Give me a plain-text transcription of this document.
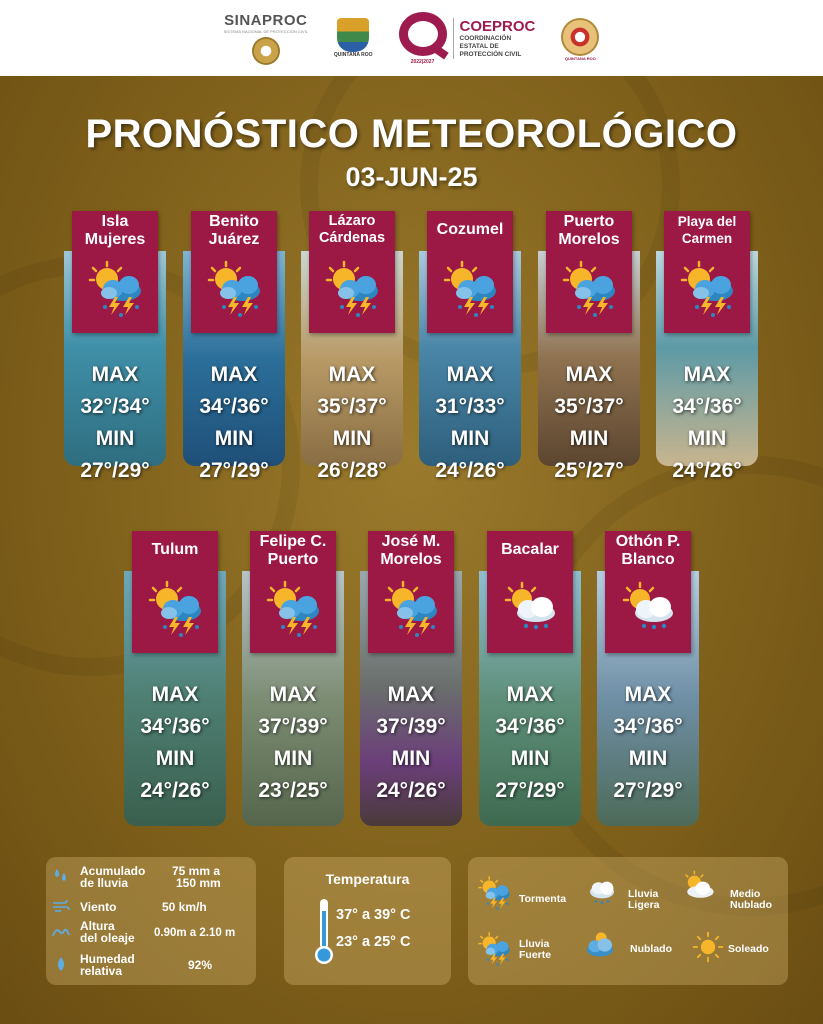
SINAPROC
SISTEMA NACIONAL DE PROTECCIÓN CIVIL
QUINTANA ROO
2022|2027
COEPROC
COORDINACIÓN
ESTATAL DE
PROTECCIÓN CIVIL
QUINTANA ROO
PRONÓSTICO METEOROLÓGICO
03-JUN-25
Isla
Mujeres
MAX
32°/34°
MIN
27°/29°
Benito
Juárez
MAX
34°/36°
MIN
27°/29°
Lázaro
Cárdenas
MAX
35°/37°
MIN
26°/28°
Cozumel
MAX
31°/33°
MIN
24°/26°
Puerto
Morelos
MAX
35°/37°
MIN
25°/27°
Playa del
Carmen
MAX
34°/36°
MIN
24°/26°
Tulum
MAX
34°/36°
MIN
24°/26°
Felipe C.
Puerto
MAX
37°/39°
MIN
23°/25°
José M.
Morelos
MAX
37°/39°
MIN
24°/26°
Bacalar
MAX
34°/36°
MIN
27°/29°
Othón P.
Blanco
MAX
34°/36°
MIN
27°/29°
Acumulado
de lluvia
75 mm a
150 mm
Viento	50 km/h
Altura
del oleaje 0.90m a 2.10 m
Humedad
relativa	92%
Temperatura
37° a 39° C
23° a 25° C
Tormenta	Lluvia
Ligera
Medio
Nublado
Lluvia
Fuerte	Nublado	Soleado
